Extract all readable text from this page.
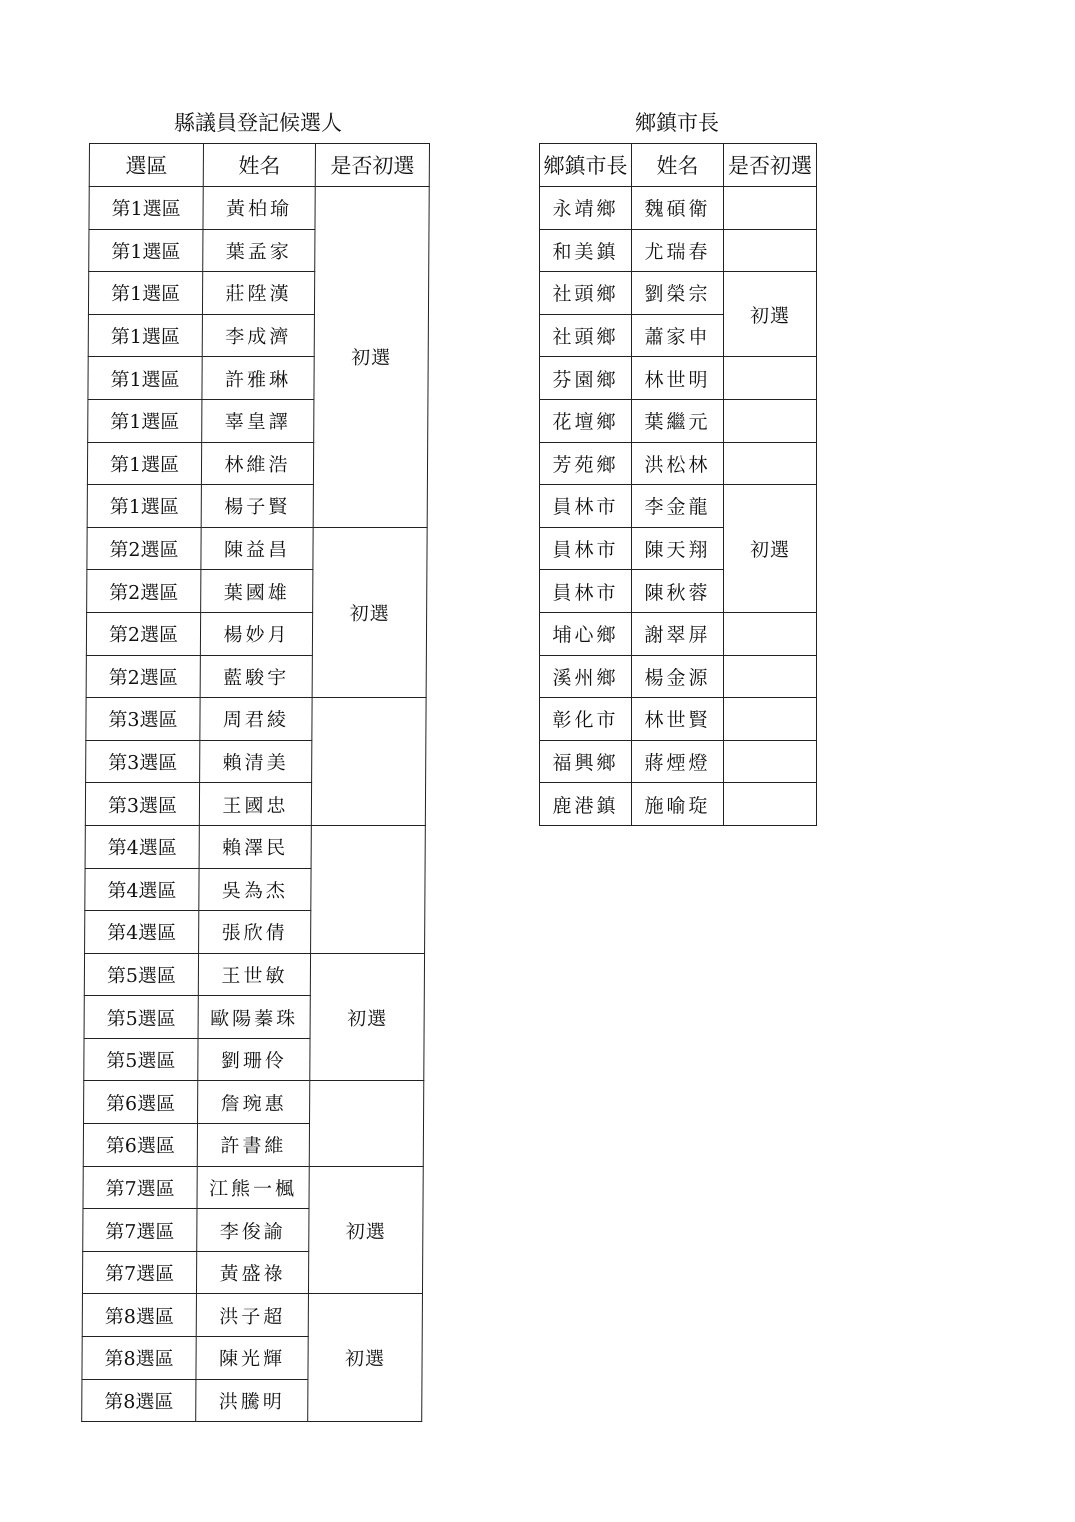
縣議員登記候選人	鄉鎮市長
選區	姓名	是否初選
第1選區	黃柏瑜	初選
第1選區	葉孟家	
第1選區	莊陞漢	
第1選區	李成濟	
第1選區	許雅琳	
第1選區	辜皇譯	
第1選區	林維浩	
第1選區	楊子賢	
第2選區	陳益昌	初選
第2選區	葉國雄	
第2選區	楊妙月	
第2選區	藍駿宇	
第3選區	周君綾	
第3選區	賴清美	
第3選區	王國忠	
第4選區	賴澤民	
第4選區	吳為杰	
第4選區	張欣倩	
第5選區	王世敏	初選
第5選區	歐陽蓁珠	
第5選區	劉珊伶	
第6選區	詹琬惠	
第6選區	許書維	
第7選區	江熊一楓	初選
第7選區	李俊諭	
第7選區	黃盛祿	
第8選區	洪子超	初選
第8選區	陳光輝	
第8選區	洪騰明	
鄉鎮市長	姓名	是否初選
永靖鄉	魏碩衛	
和美鎮	尤瑞春	
社頭鄉	劉榮宗	初選
社頭鄉	蕭家申	
芬園鄉	林世明	
花壇鄉	葉繼元	
芳苑鄉	洪松林	
員林市	李金龍	初選
員林市	陳天翔	
員林市	陳秋蓉	
埔心鄉	謝翠屏	
溪州鄉	楊金源	
彰化市	林世賢	
福興鄉	蔣煙燈	
鹿港鎮	施喻琁	
